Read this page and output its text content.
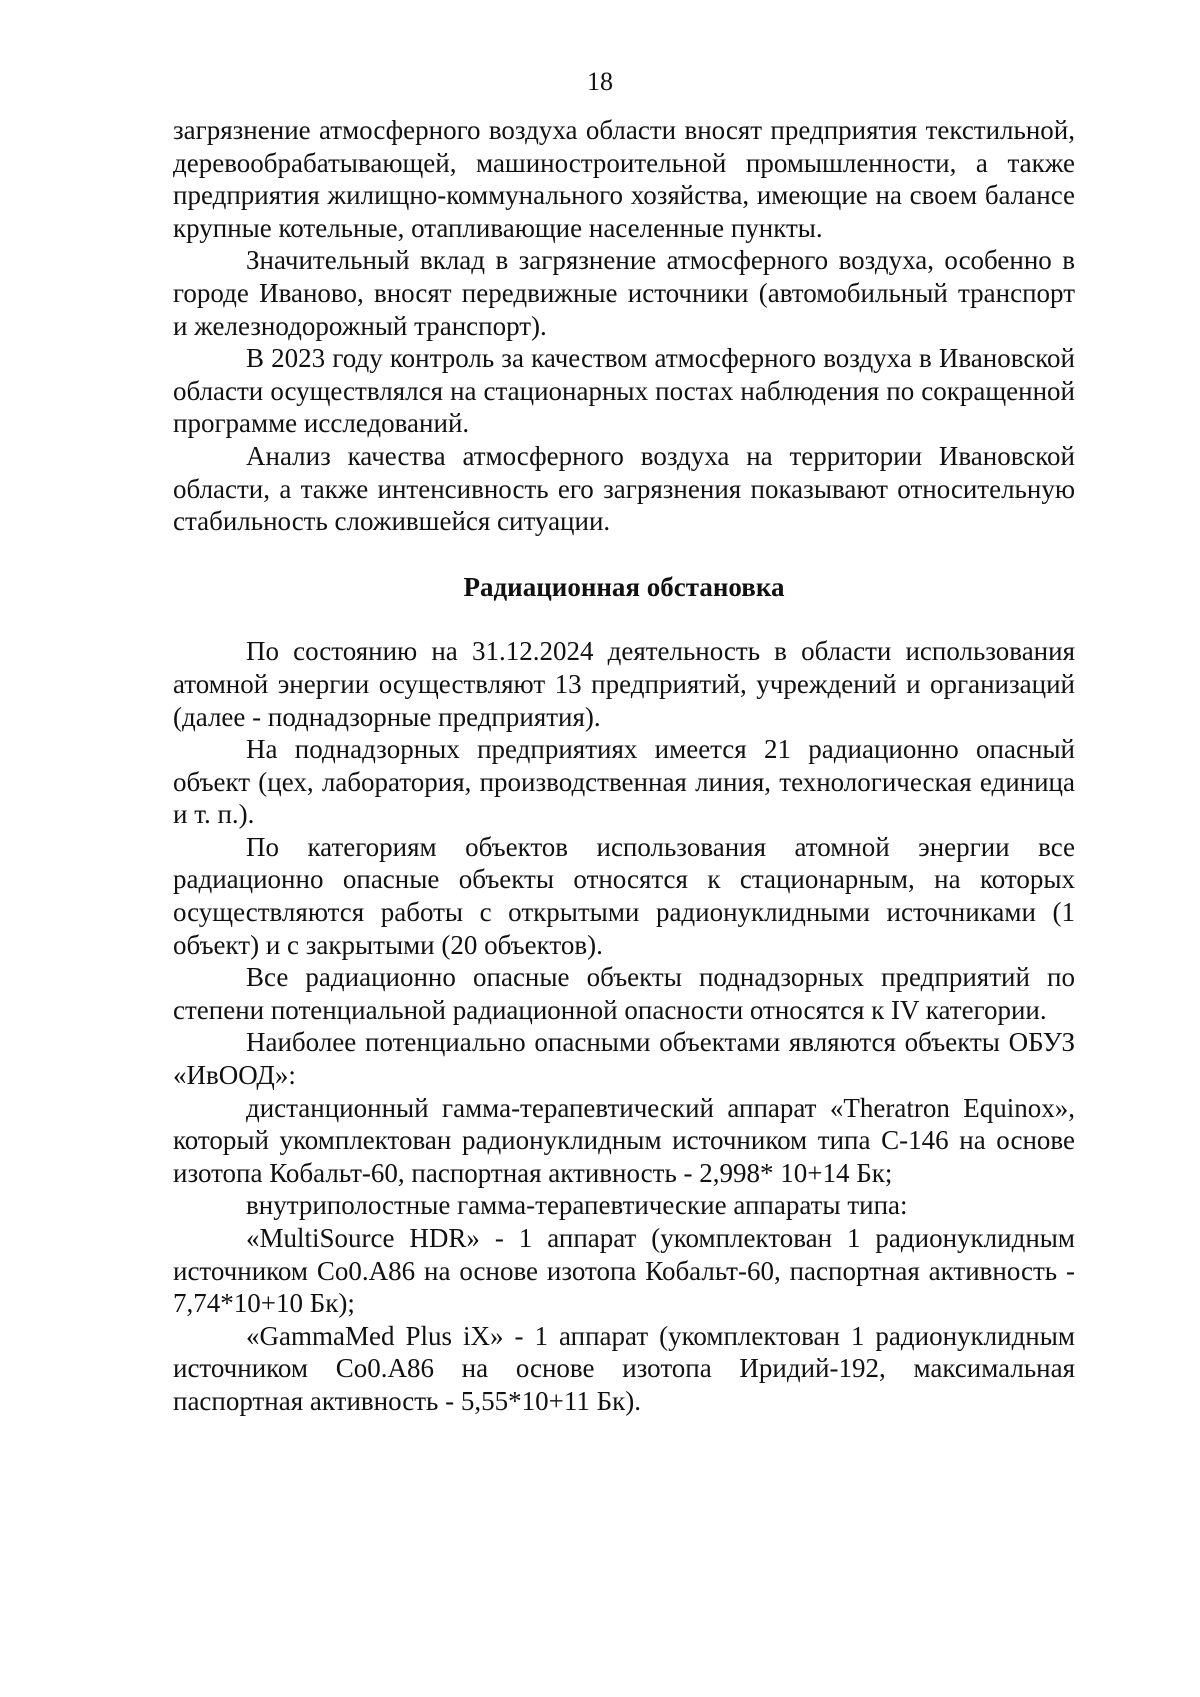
18

загрязнение атмосферного воздуха области вносят предприятия текстильной, деревообрабатывающей, машиностроительной промышленности, а также предприятия жилищно-коммунального хозяйства, имеющие на своем балансе крупные котельные, отапливающие населенные пункты.

Значительный вклад в загрязнение атмосферного воздуха, особенно в городе Иваново, вносят передвижные источники (автомобильный транспорт и железнодорожный транспорт).

В 2023 году контроль за качеством атмосферного воздуха в Ивановской области осуществлялся на стационарных постах наблюдения по сокращенной программе исследований.

Анализ качества атмосферного воздуха на территории Ивановской области, а также интенсивность его загрязнения показывают относительную стабильность сложившейся ситуации.

Радиационная обстановка

По состоянию на 31.12.2024 деятельность в области использования атомной энергии осуществляют 13 предприятий, учреждений и организаций (далее - поднадзорные предприятия).

На поднадзорных предприятиях имеется 21 радиационно опасный объект (цех, лаборатория, производственная линия, технологическая единица и т. п.).

По категориям объектов использования атомной энергии все радиационно опасные объекты относятся к стационарным, на которых осуществляются работы с открытыми радионуклидными источниками (1 объект) и с закрытыми (20 объектов).

Все радиационно опасные объекты поднадзорных предприятий по степени потенциальной радиационной опасности относятся к IV категории.

Наиболее потенциально опасными объектами являются объекты ОБУЗ «ИвООД»:

дистанционный гамма-терапевтический аппарат «Theratron Equinox», который укомплектован радионуклидным источником типа С-146 на основе изотопа Кобальт-60, паспортная активность - 2,998* 10+14 Бк;

внутриполостные гамма-терапевтические аппараты типа:

«MultiSource HDR» - 1 аппарат (укомплектован 1 радионуклидным источником Co0.A86 на основе изотопа Кобальт-60, паспортная активность - 7,74*10+10 Бк);

«GammaMed Plus iX» - 1 аппарат (укомплектован 1 радионуклидным источником Co0.A86 на основе изотопа Иридий-192, максимальная паспортная активность - 5,55*10+11 Бк).
